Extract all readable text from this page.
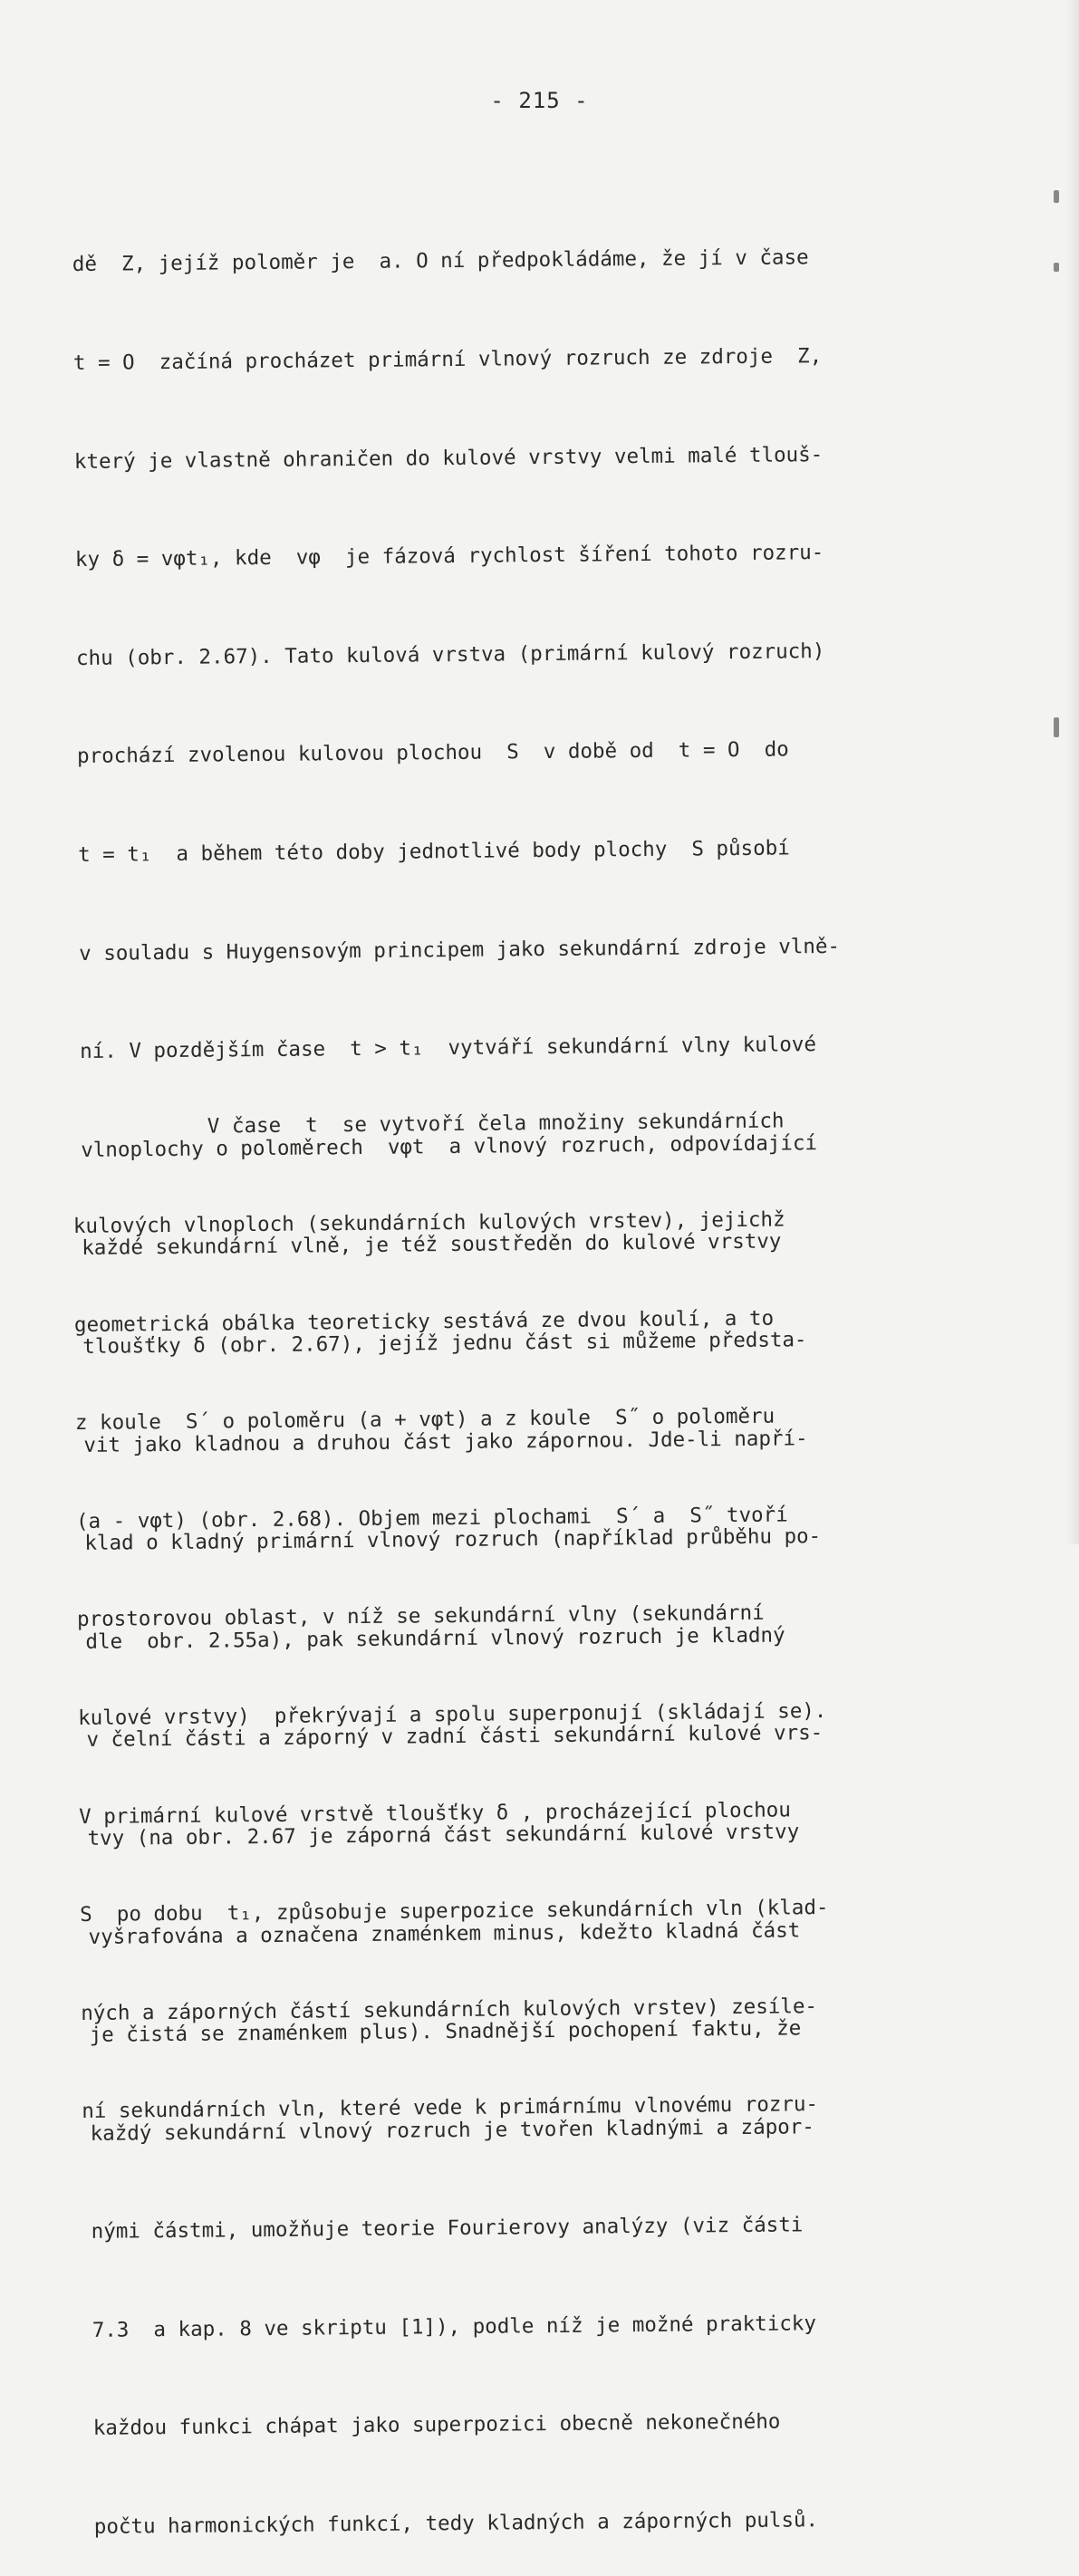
- 215 -

dě  Z, jejíž poloměr je  a. O ní předpokládáme, že jí v čase

t = O  začíná procházet primární vlnový rozruch ze zdroje  Z,

který je vlastně ohraničen do kulové vrstvy velmi malé tlouš-

ky δ = vφt₁, kde  vφ  je fázová rychlost šíření tohoto rozru-

chu (obr. 2.67). Tato kulová vrstva (primární kulový rozruch)

prochází zvolenou kulovou plochou  S  v době od  t = O  do

t = t₁  a během této doby jednotlivé body plochy  S působí

v souladu s Huygensovým principem jako sekundární zdroje vlně-

ní. V pozdějším čase  t > t₁  vytváří sekundární vlny kulové

vlnoplochy o poloměrech  vφt  a vlnový rozruch, odpovídající

každé sekundární vlně, je též soustředěn do kulové vrstvy

tloušťky δ (obr. 2.67), jejíž jednu část si můžeme předsta-

vit jako kladnou a druhou část jako zápornou. Jde-li napří-

klad o kladný primární vlnový rozruch (například průběhu po-

dle  obr. 2.55a), pak sekundární vlnový rozruch je kladný

v čelní části a záporný v zadní části sekundární kulové vrs-

tvy (na obr. 2.67 je záporná část sekundární kulové vrstvy

vyšrafována a označena znaménkem minus, kdežto kladná část

je čistá se znaménkem plus). Snadnější pochopení faktu, že

každý sekundární vlnový rozruch je tvořen kladnými a zápor-

nými částmi, umožňuje teorie Fourierovy analýzy (viz části

7.3  a kap. 8 ve skriptu [1]), podle níž je možné prakticky

každou funkci chápat jako superpozici obecně nekonečného

počtu harmonických funkcí, tedy kladných a záporných pulsů.

V čase  t  se vytvoří čela množiny sekundárních

kulových vlnoploch (sekundárních kulových vrstev), jejichž

geometrická obálka teoreticky sestává ze dvou koulí, a to

z koule  S´ o poloměru (a + vφt) a z koule  S˝ o poloměru

(a - vφt) (obr. 2.68). Objem mezi plochami  S´ a  S˝ tvoří

prostorovou oblast, v níž se sekundární vlny (sekundární

kulové vrstvy)  překrývají a spolu superponují (skládají se).

V primární kulové vrstvě tloušťky δ , procházející plochou

S  po dobu  t₁, způsobuje superpozice sekundárních vln (klad-

ných a záporných částí sekundárních kulových vrstev) zesíle-

ní sekundárních vln, které vede k primárnímu vlnovému rozru-
